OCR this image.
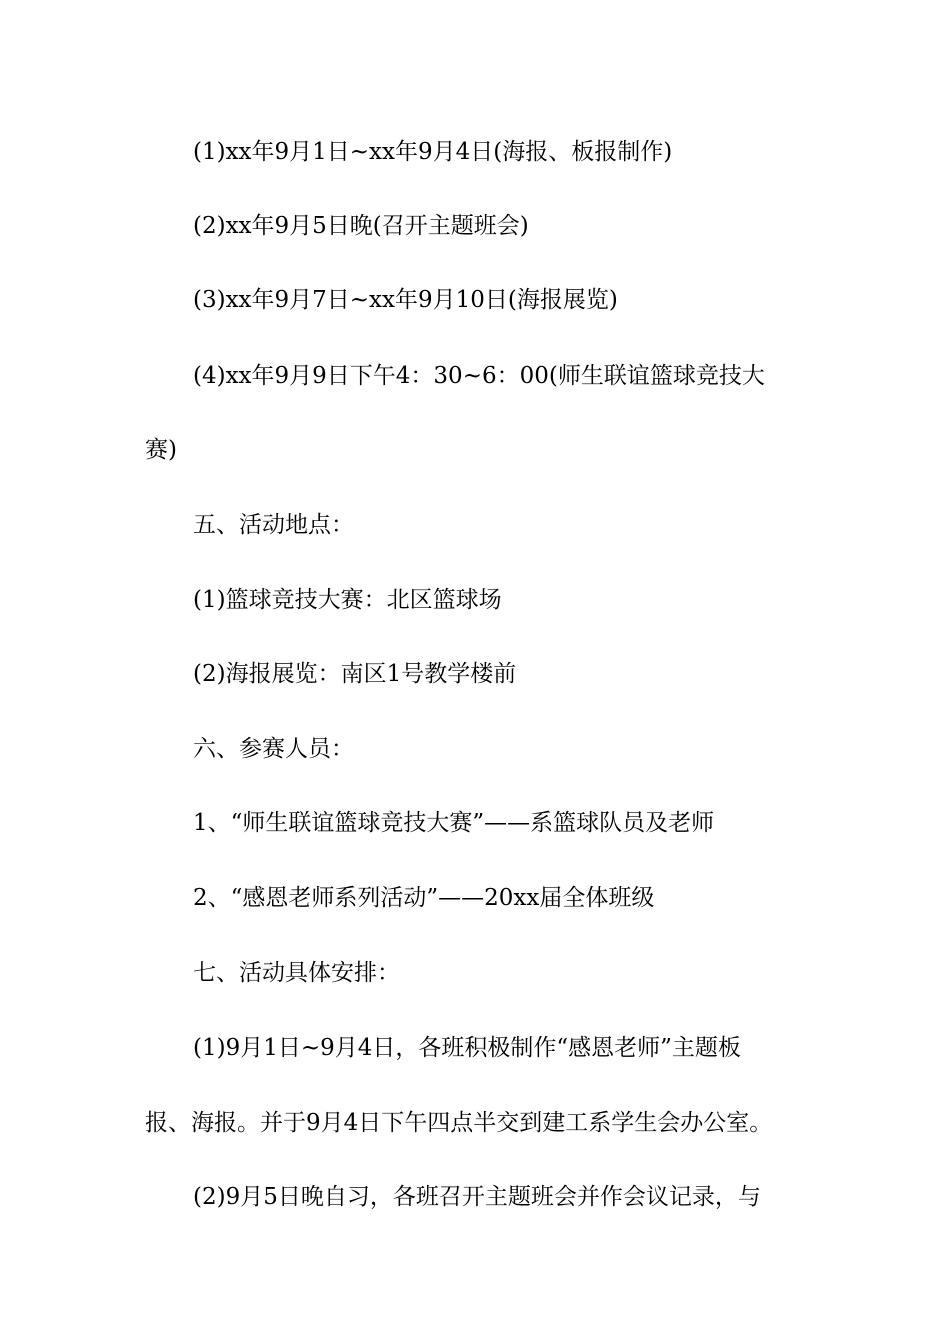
(1)xx年9月1日~xx年9月4日(海报、板报制作)

(2)xx年9月5日晚(召开主题班会)

(3)xx年9月7日~xx年9月10日(海报展览)

(4)xx年9月9日下午4：30~6：00(师生联谊篮球竞技大

赛)

五、活动地点：

(1)篮球竞技大赛：北区篮球场

(2)海报展览：南区1号教学楼前

六、参赛人员：

1、“师生联谊篮球竞技大赛”——系篮球队员及老师

2、“感恩老师系列活动”——20xx届全体班级

七、活动具体安排：

(1)9月1日~9月4日，各班积极制作“感恩老师”主题板

报、海报。并于9月4日下午四点半交到建工系学生会办公室。

(2)9月5日晚自习，各班召开主题班会并作会议记录，与
